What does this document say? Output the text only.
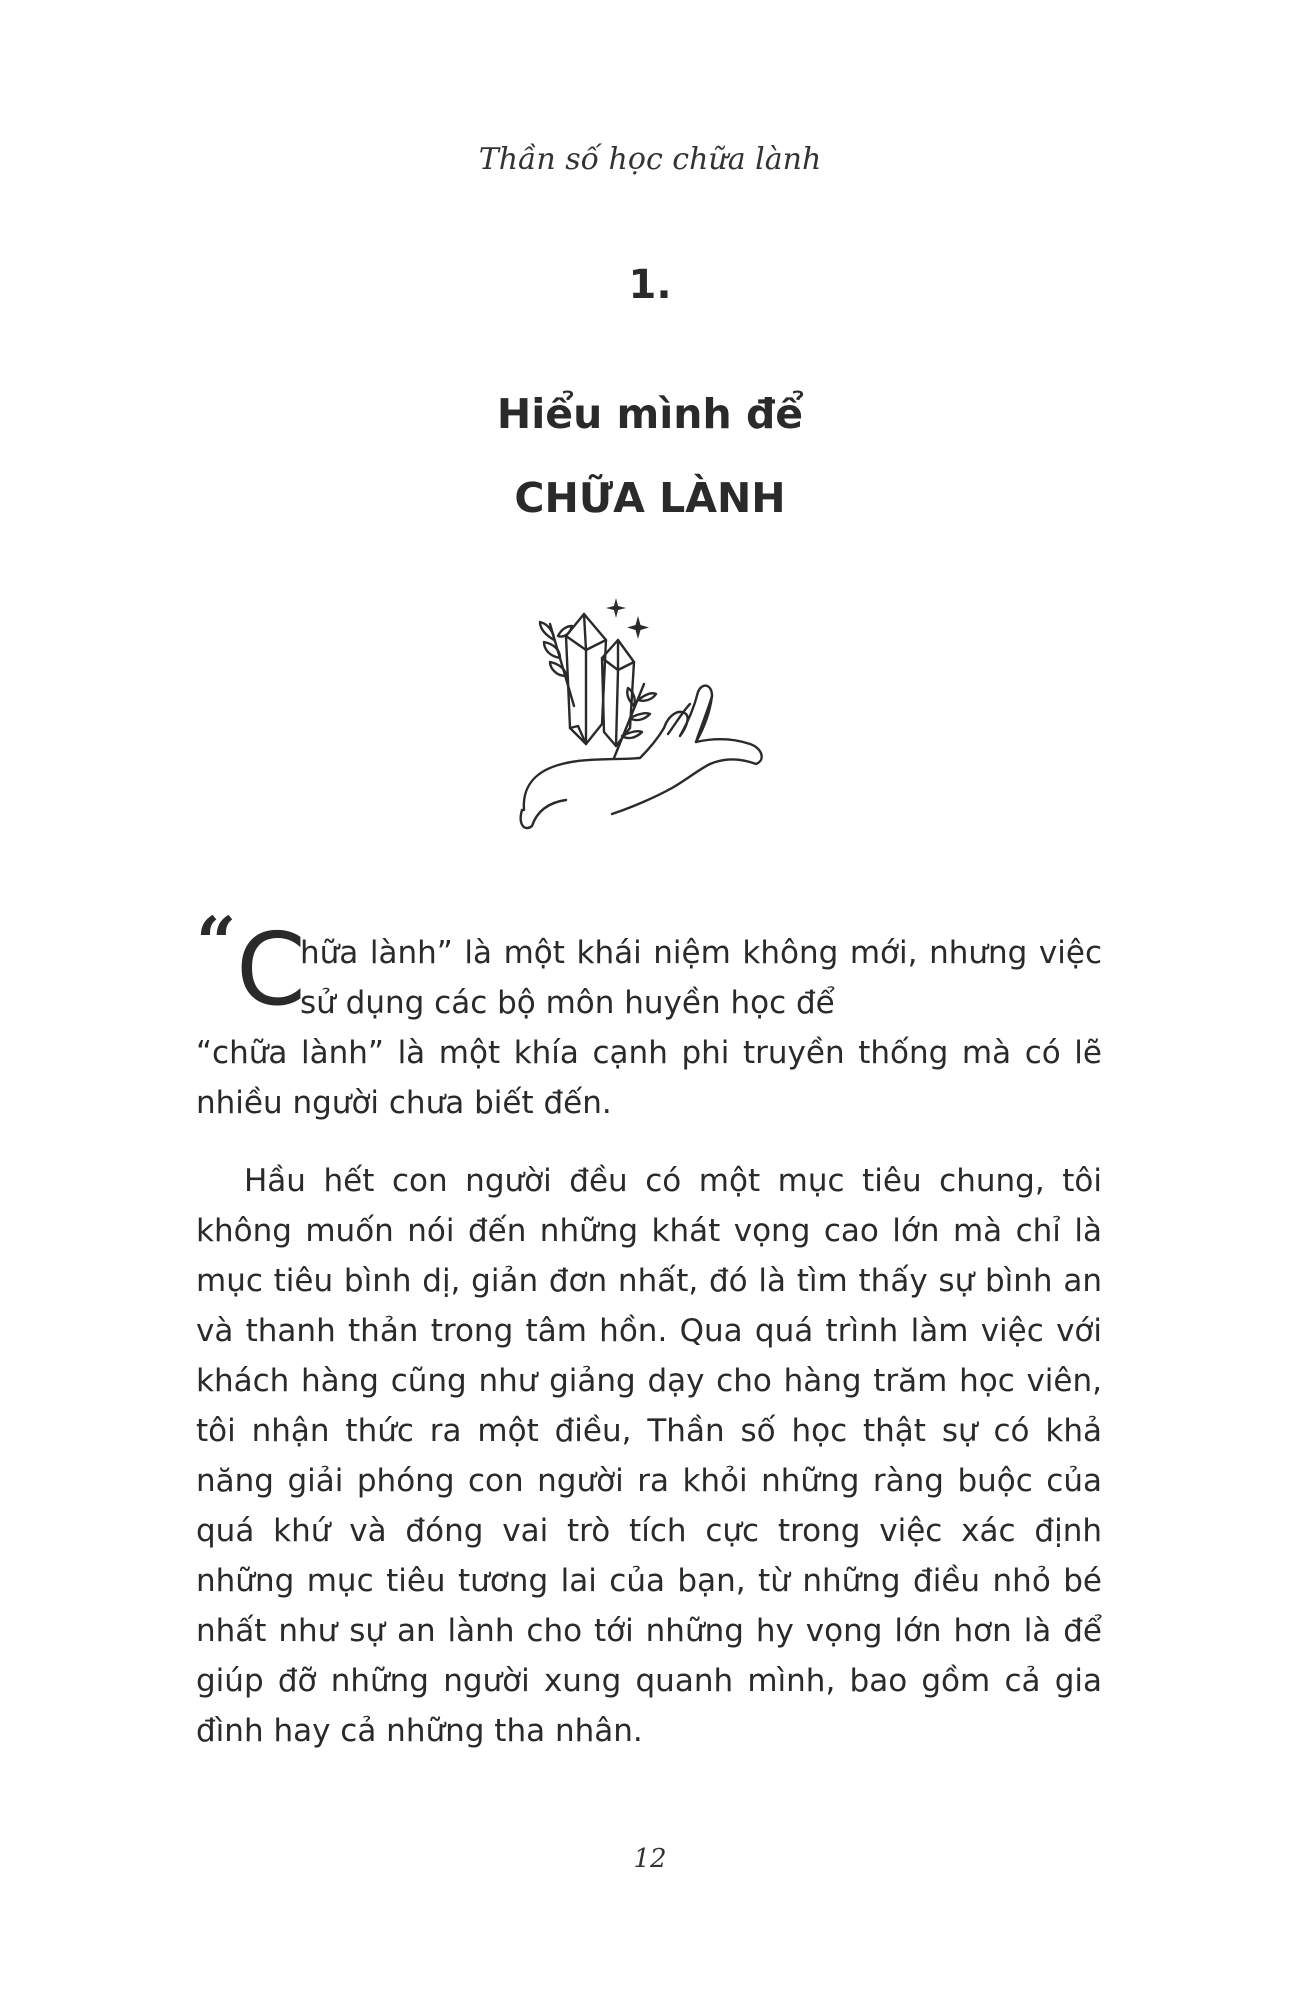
Thần số học chữa lành
1.
Hiểu mình để
CHỮA LÀNH

“ C
hữa lành” là một khái niệm không mới, nhưng việc sử dụng các bộ môn huyền học để
“chữa lành” là một khía cạnh phi truyền thống mà có lẽ nhiều người chưa biết đến.

Hầu hết con người đều có một mục tiêu chung, tôi không muốn nói đến những khát vọng cao lớn mà chỉ là mục tiêu bình dị, giản đơn nhất, đó là tìm thấy sự bình an và thanh thản trong tâm hồn. Qua quá trình làm việc với khách hàng cũng như giảng dạy cho hàng trăm học viên, tôi nhận thức ra một điều, Thần số học thật sự có khả năng giải phóng con người ra khỏi những ràng buộc của quá khứ và đóng vai trò tích cực trong việc xác định những mục tiêu tương lai của bạn, từ những điều nhỏ bé nhất như sự an lành cho tới những hy vọng lớn hơn là để giúp đỡ những người xung quanh mình, bao gồm cả gia đình hay cả những tha nhân.

12
